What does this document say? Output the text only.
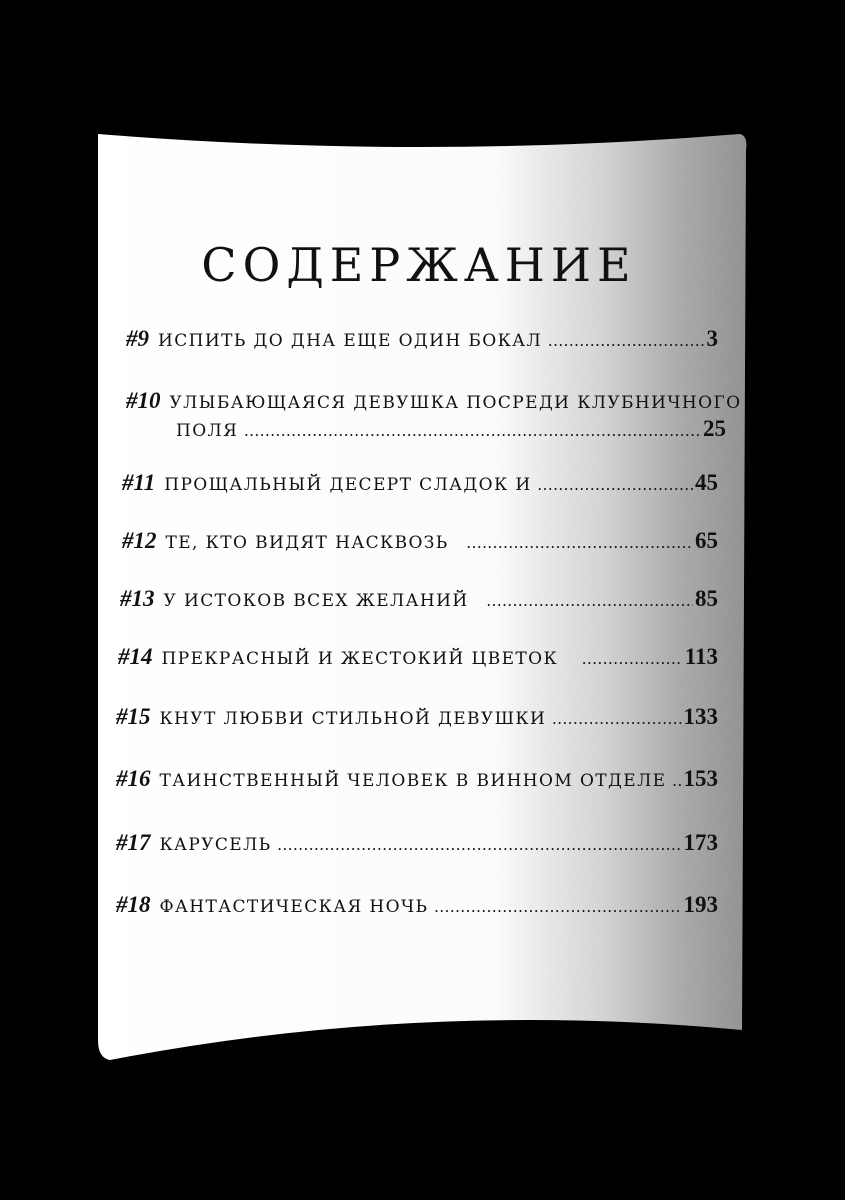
СОДЕРЖАНИЕ
#9 ИСПИТЬ ДО ДНА ЕЩЕ ОДИН БОКАЛ .....	3
#10 УЛЫБАЮЩАЯСЯ ДЕВУШКА ПОСРЕДИ КЛУБНИЧНОГО
ПОЛЯ .....	25
#11 ПРОЩАЛЬНЫЙ ДЕСЕРТ СЛАДОК И .....	45
#12 ТЕ, КТО ВИДЯТ НАСКВОЗЬ .....	65
#13 У ИСТОКОВ ВСЕХ ЖЕЛАНИЙ .....	85
#14 ПРЕКРАСНЫЙ И ЖЕСТОКИЙ ЦВЕТОК .....	113
#15 КНУТ ЛЮБВИ СТИЛЬНОЙ ДЕВУШКИ .....	133
#16 ТАИНСТВЕННЫЙ ЧЕЛОВЕК В ВИННОМ ОТДЕЛЕ ..... 153
#17 КАРУСЕЛЬ .....	173
#18 ФАНТАСТИЧЕСКАЯ НОЧЬ .....	193
